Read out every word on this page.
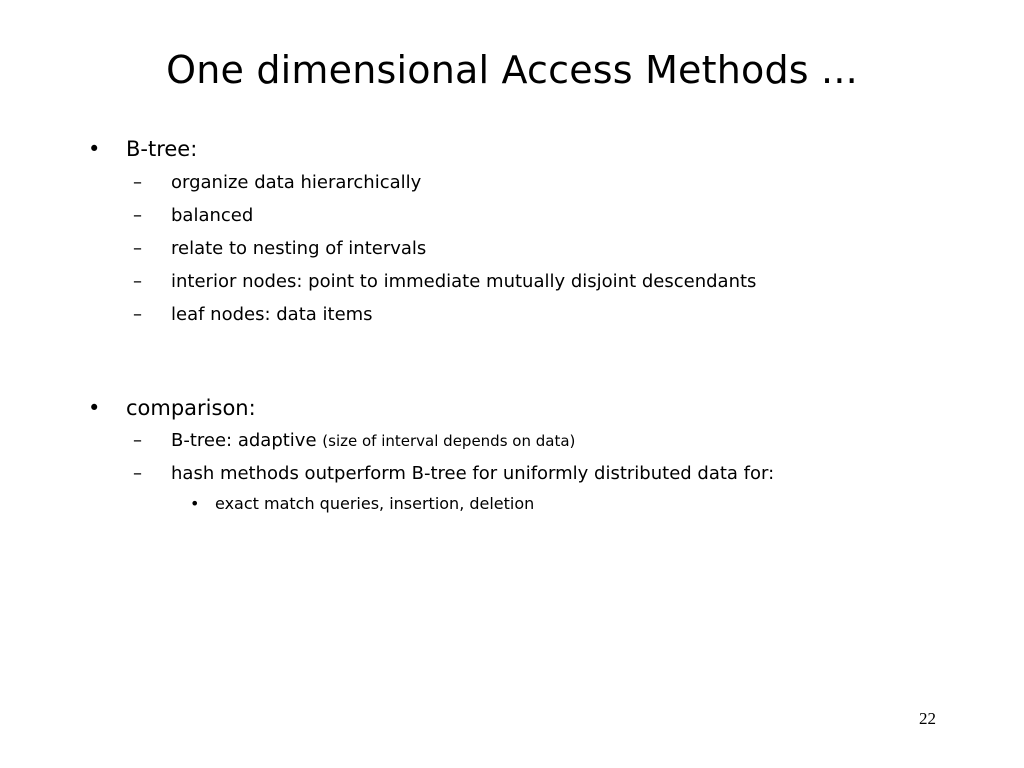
One dimensional Access Methods ...
• B-tree:
– organize data hierarchically
– balanced
– relate to nesting of intervals
– interior nodes: point to immediate mutually disjoint descendants
– leaf nodes: data items
• comparison:
– B-tree: adaptive (size of interval depends on data)
– hash methods outperform B-tree for uniformly distributed data for:
• exact match queries, insertion, deletion
22
